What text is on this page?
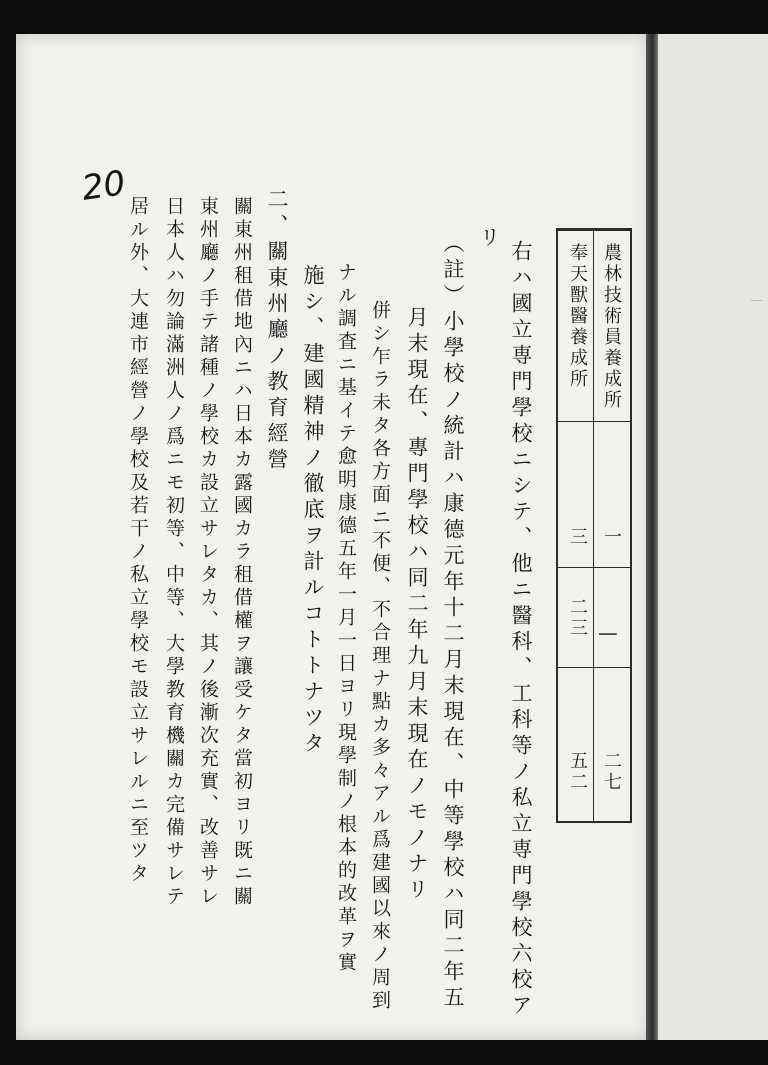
｜
20
奉天獸醫養成所
三
二三
五二
農林技術員養成所
一
|
二七
右ハ國立専門學校ニシテ、他ニ醫科、工科等ノ私立専門學校六校ア
リ
（註）小學校ノ統計ハ康德元年十二月末現在、中等學校ハ同二年五
月末現在、專門學校ハ同二年九月末現在ノモノナリ
併シ乍ラ未タ各方面ニ不便、不合理ナ點カ多々アル爲建國以來ノ周到
ナル調査ニ基イテ愈明康德五年一月一日ヨリ現學制ノ根本的改革ヲ實
施シ、建國精神ノ徹底ヲ計ルコトトナツタ
二、關東州廳ノ教育經營
關東州租借地內ニハ日本カ露國カラ租借權ヲ讓受ケタ當初ヨリ既ニ關
東州廳ノ手テ諸種ノ學校カ設立サレタカ、其ノ後漸次充實、改善サレ
日本人ハ勿論滿洲人ノ爲ニモ初等、中等、大學教育機關カ完備サレテ
居ル外、大連市經營ノ學校及若干ノ私立學校モ設立サレルニ至ツタ
